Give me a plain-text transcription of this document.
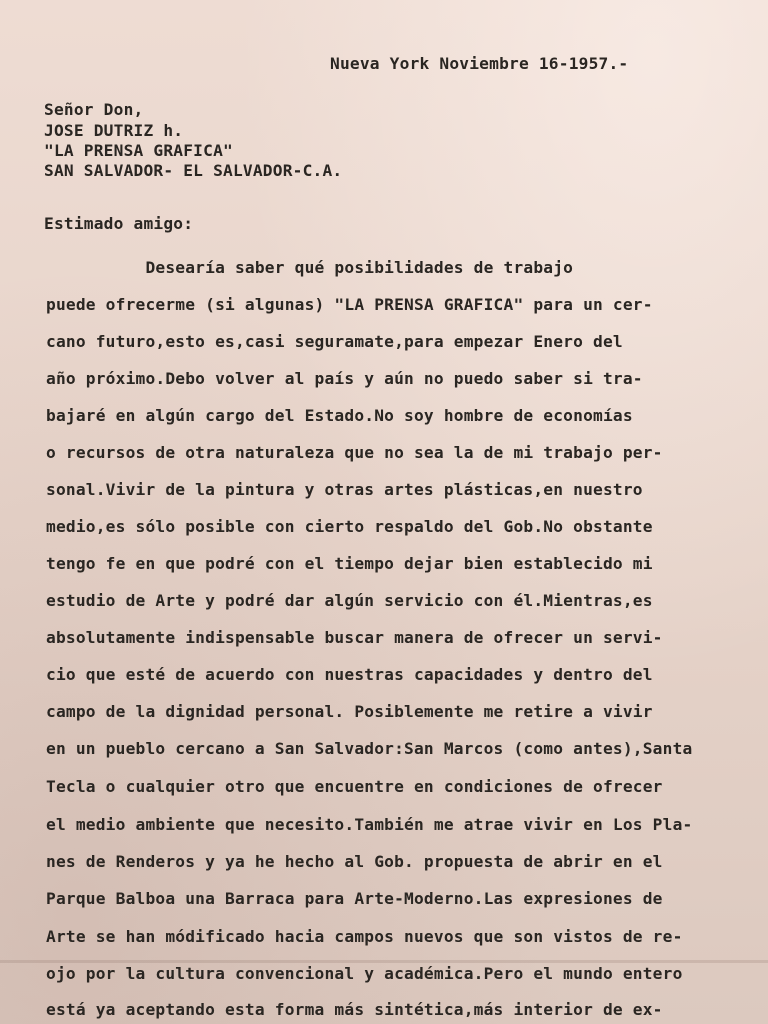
Nueva York Noviembre 16-1957.-

Señor Don,

JOSE DUTRIZ h.

"LA PRENSA GRAFICA"

SAN SALVADOR- EL SALVADOR-C.A.

Estimado amigo:

Desearía saber qué posibilidades de trabajo

puede ofrecerme (si algunas) "LA PRENSA GRAFICA" para un cer-

cano futuro,esto es,casi seguramate,para empezar Enero del

año próximo.Debo volver al país y aún no puedo saber si tra-

bajaré en algún cargo del Estado.No soy hombre de economías

o recursos de otra naturaleza que no sea la de mi trabajo per-

sonal.Vivir de la pintura y otras artes plásticas,en nuestro

medio,es sólo posible con cierto respaldo del Gob.No obstante

tengo fe en que podré con el tiempo dejar bien establecido mi

estudio de Arte y podré dar algún servicio con él.Mientras,es

absolutamente indispensable buscar manera de ofrecer un servi-

cio que esté de acuerdo con nuestras capacidades y dentro del

campo de la dignidad personal. Posiblemente me retire a vivir

en un pueblo cercano a San Salvador:San Marcos (como antes),Santa

Tecla o cualquier otro que encuentre en condiciones de ofrecer

el medio ambiente que necesito.También me atrae vivir en Los Pla-

nes de Renderos y ya he hecho al Gob. propuesta de abrir en el

Parque Balboa una Barraca para Arte-Moderno.Las expresiones de

Arte se han módificado hacia campos nuevos que son vistos de re-

ojo por la cultura convencional y académica.Pero el mundo entero

está ya aceptando esta forma más sintética,más interior de ex-
